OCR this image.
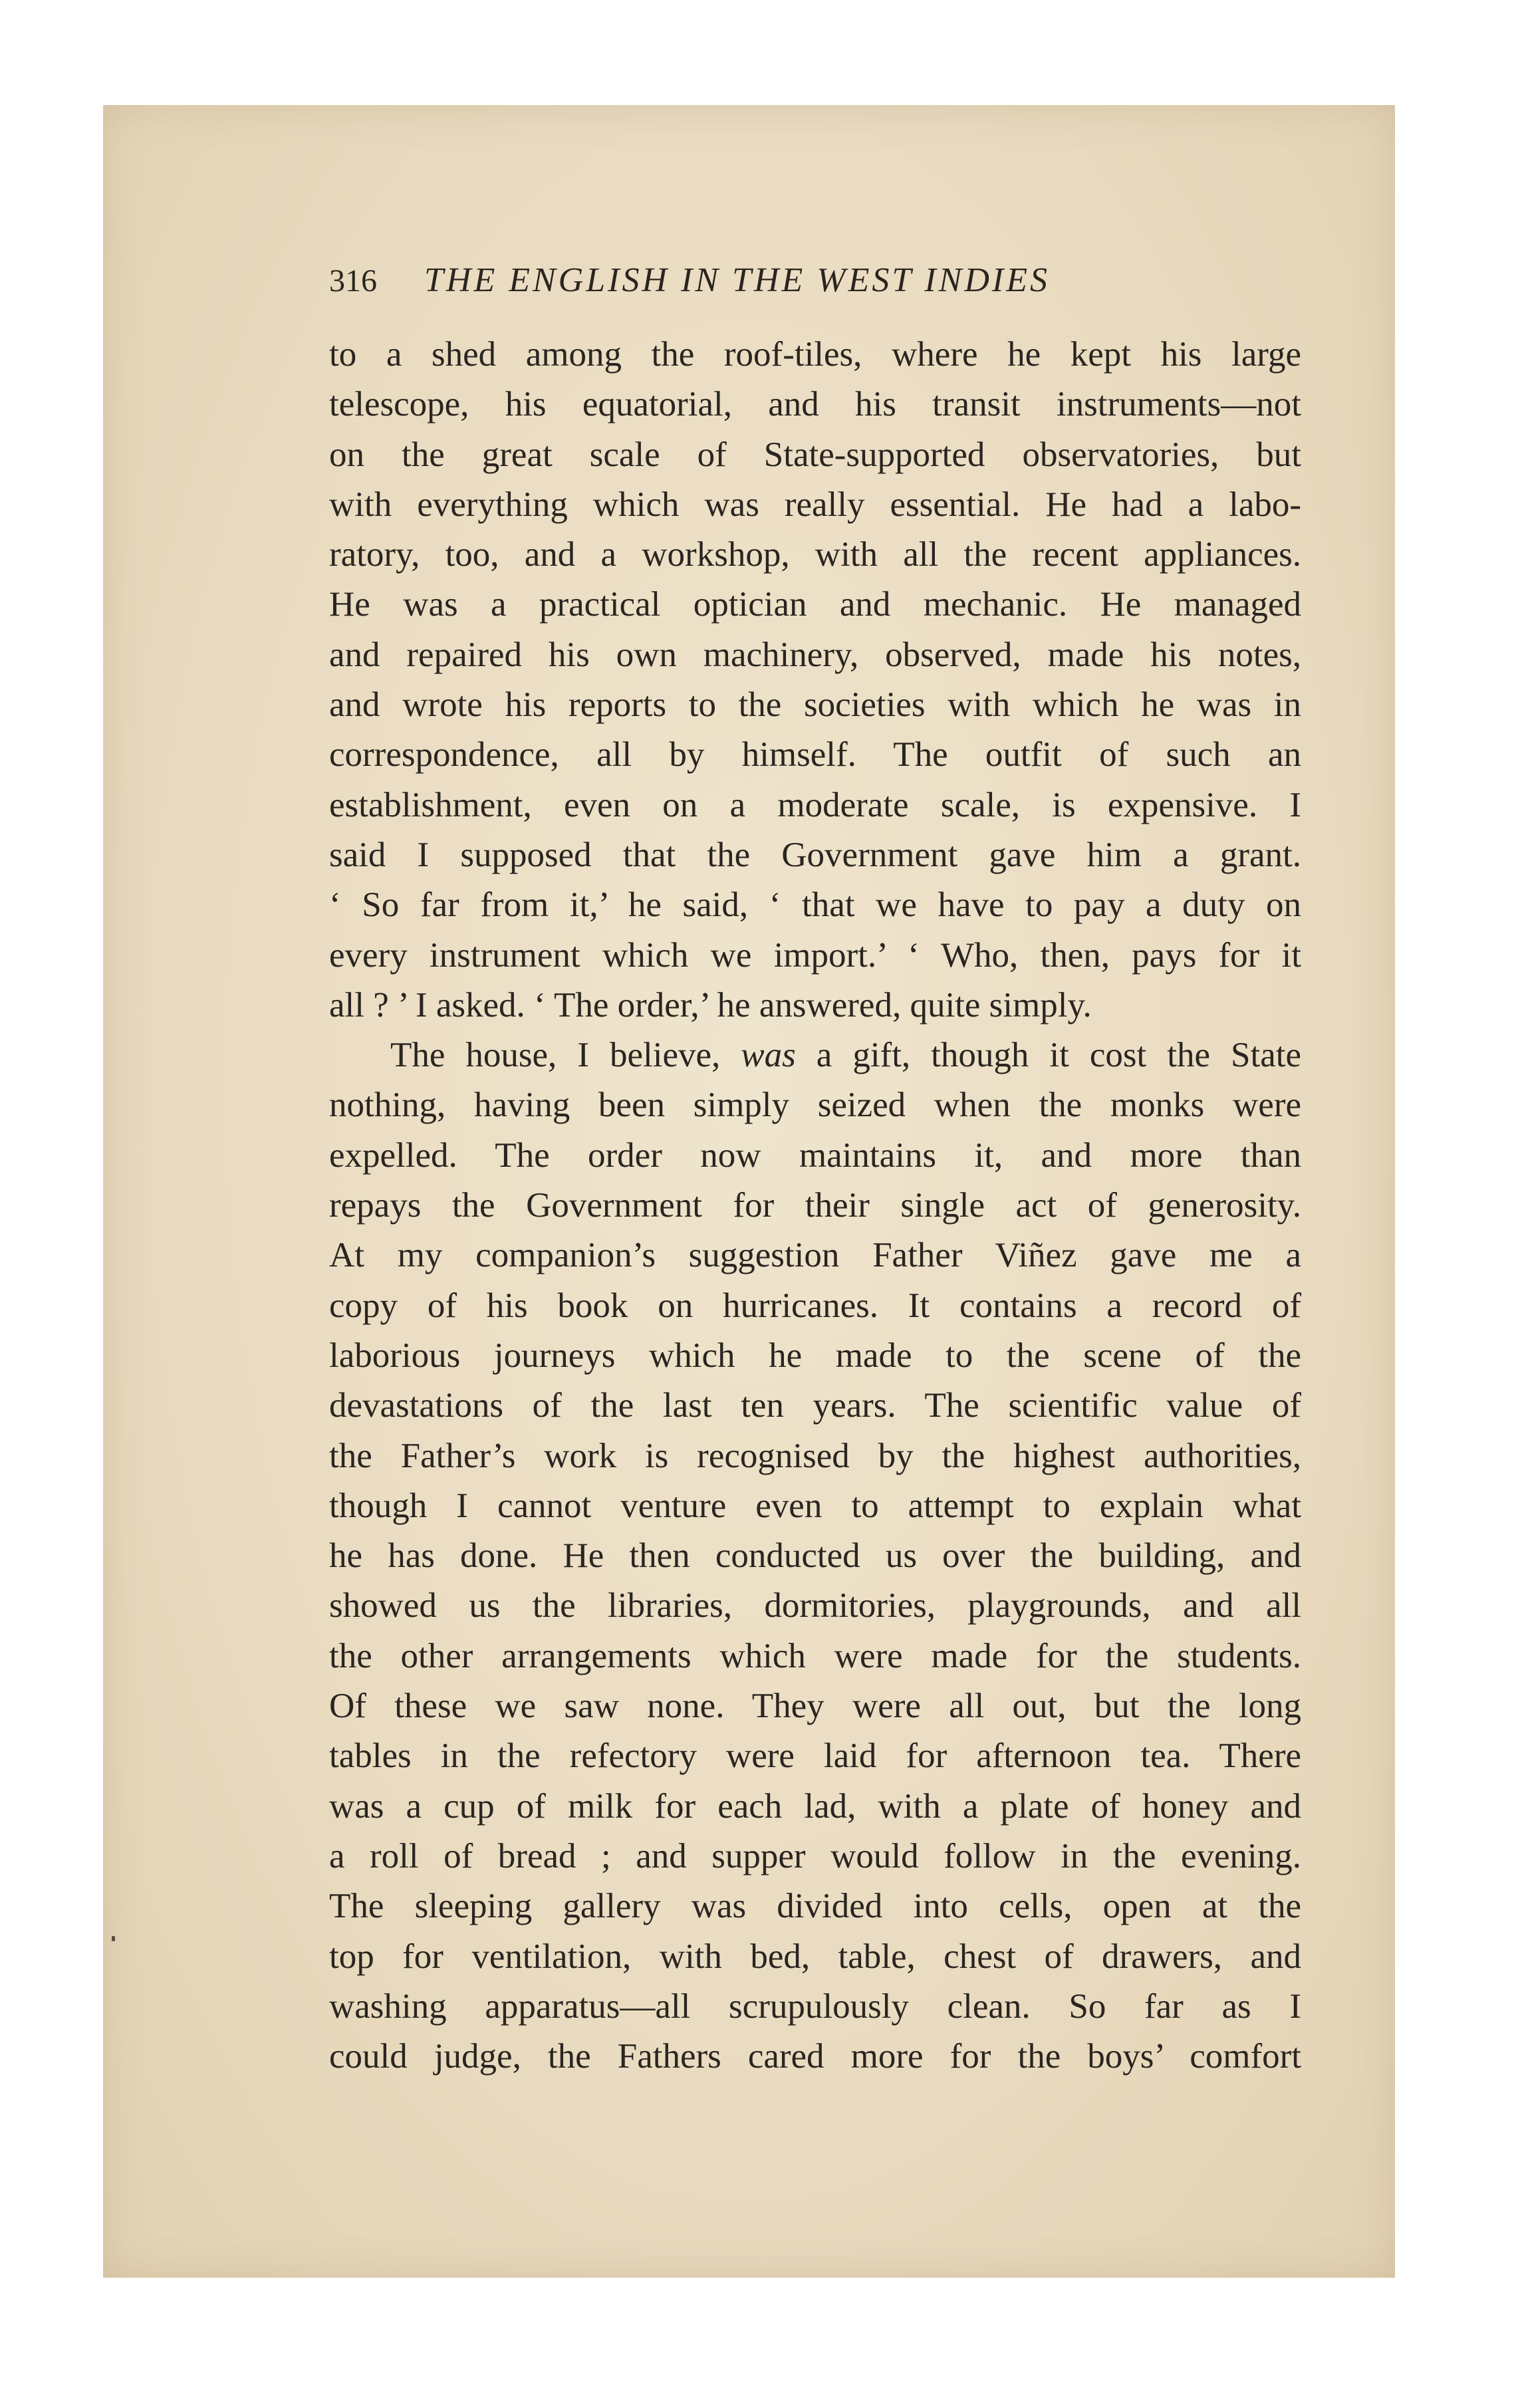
316 THE ENGLISH IN THE WEST INDIES
to a shed among the roof-tiles, where he kept his large
telescope, his equatorial, and his transit instruments—not
on the great scale of State-supported observatories, but
with everything which was really essential. He had a labo-
ratory, too, and a workshop, with all the recent appliances.
He was a practical optician and mechanic. He managed
and repaired his own machinery, observed, made his notes,
and wrote his reports to the societies with which he was in
correspondence, all by himself. The outfit of such an
establishment, even on a moderate scale, is expensive. I
said I supposed that the Government gave him a grant.
‘ So far from it,’ he said, ‘ that we have to pay a duty on
every instrument which we import.’ ‘ Who, then, pays for it
all ? ’ I asked. ‘ The order,’ he answered, quite simply.
The house, I believe, was a gift, though it cost the State
nothing, having been simply seized when the monks were
expelled. The order now maintains it, and more than
repays the Government for their single act of generosity.
At my companion’s suggestion Father Viñez gave me a
copy of his book on hurricanes. It contains a record of
laborious journeys which he made to the scene of the
devastations of the last ten years. The scientific value of
the Father’s work is recognised by the highest authorities,
though I cannot venture even to attempt to explain what
he has done. He then conducted us over the building, and
showed us the libraries, dormitories, playgrounds, and all
the other arrangements which were made for the students.
Of these we saw none. They were all out, but the long
tables in the refectory were laid for afternoon tea. There
was a cup of milk for each lad, with a plate of honey and
a roll of bread ; and supper would follow in the evening.
The sleeping gallery was divided into cells, open at the
top for ventilation, with bed, table, chest of drawers, and
washing apparatus—all scrupulously clean. So far as I
could judge, the Fathers cared more for the boys’ comfort
